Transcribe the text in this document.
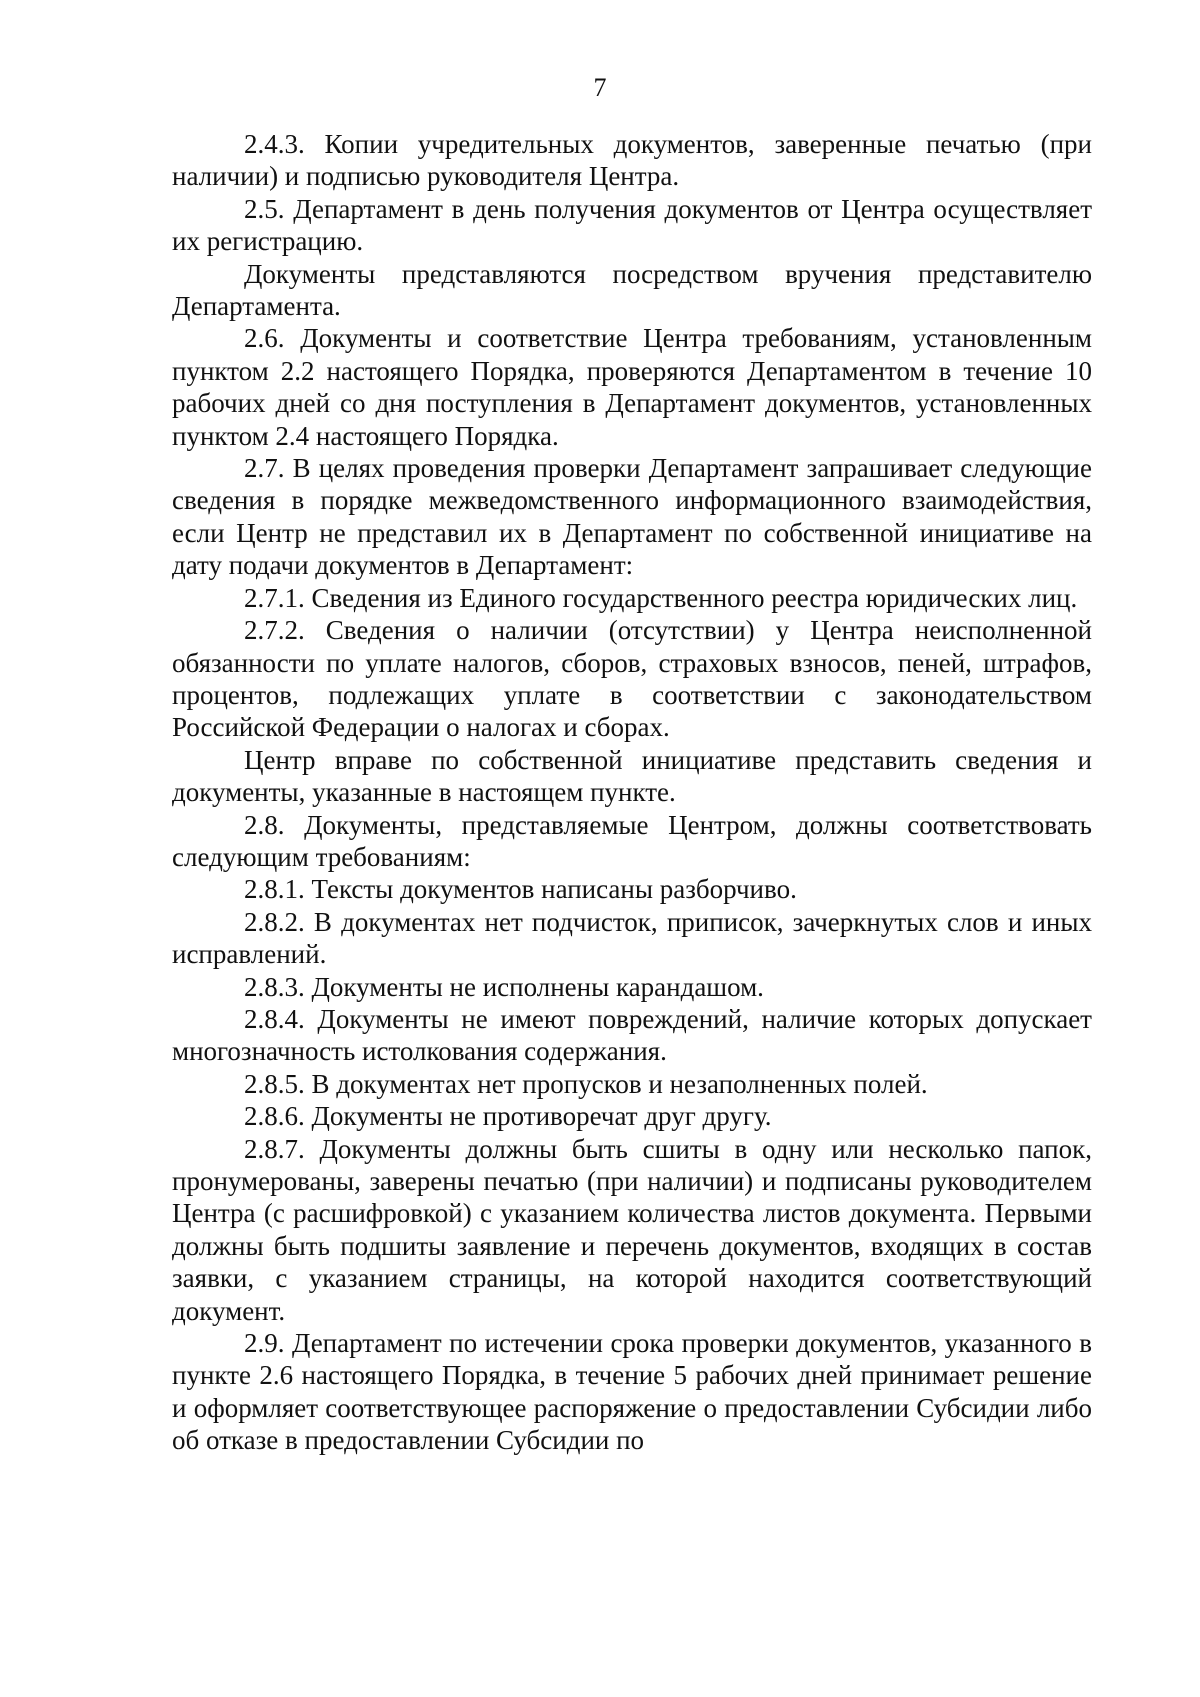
7

2.4.3. Копии учредительных документов, заверенные печатью (при наличии) и подписью руководителя Центра.

2.5. Департамент в день получения документов от Центра осуществляет их регистрацию.

Документы представляются посредством вручения представителю Департамента.

2.6. Документы и соответствие Центра требованиям, установленным пунктом 2.2 настоящего Порядка, проверяются Департаментом в течение 10 рабочих дней со дня поступления в Департамент документов, установленных пунктом 2.4 настоящего Порядка.

2.7. В целях проведения проверки Департамент запрашивает следующие сведения в порядке межведомственного информационного взаимодействия, если Центр не представил их в Департамент по собственной инициативе на дату подачи документов в Департамент:

2.7.1. Сведения из Единого государственного реестра юридических лиц.

2.7.2. Сведения о наличии (отсутствии) у Центра неисполненной обязанности по уплате налогов, сборов, страховых взносов, пеней, штрафов, процентов, подлежащих уплате в соответствии с законодательством Российской Федерации о налогах и сборах.

Центр вправе по собственной инициативе представить сведения и документы, указанные в настоящем пункте.

2.8. Документы, представляемые Центром, должны соответствовать следующим требованиям:

2.8.1. Тексты документов написаны разборчиво.

2.8.2. В документах нет подчисток, приписок, зачеркнутых слов и иных исправлений.

2.8.3. Документы не исполнены карандашом.

2.8.4. Документы не имеют повреждений, наличие которых допускает многозначность истолкования содержания.

2.8.5. В документах нет пропусков и незаполненных полей.

2.8.6. Документы не противоречат друг другу.

2.8.7. Документы должны быть сшиты в одну или несколько папок, пронумерованы, заверены печатью (при наличии) и подписаны руководителем Центра (с расшифровкой) с указанием количества листов документа. Первыми должны быть подшиты заявление и перечень документов, входящих в состав заявки, с указанием страницы, на которой находится соответствующий документ.

2.9. Департамент по истечении срока проверки документов, указанного в пункте 2.6 настоящего Порядка, в течение 5 рабочих дней принимает решение и оформляет соответствующее распоряжение о предоставлении Субсидии либо об отказе в предоставлении Субсидии по
